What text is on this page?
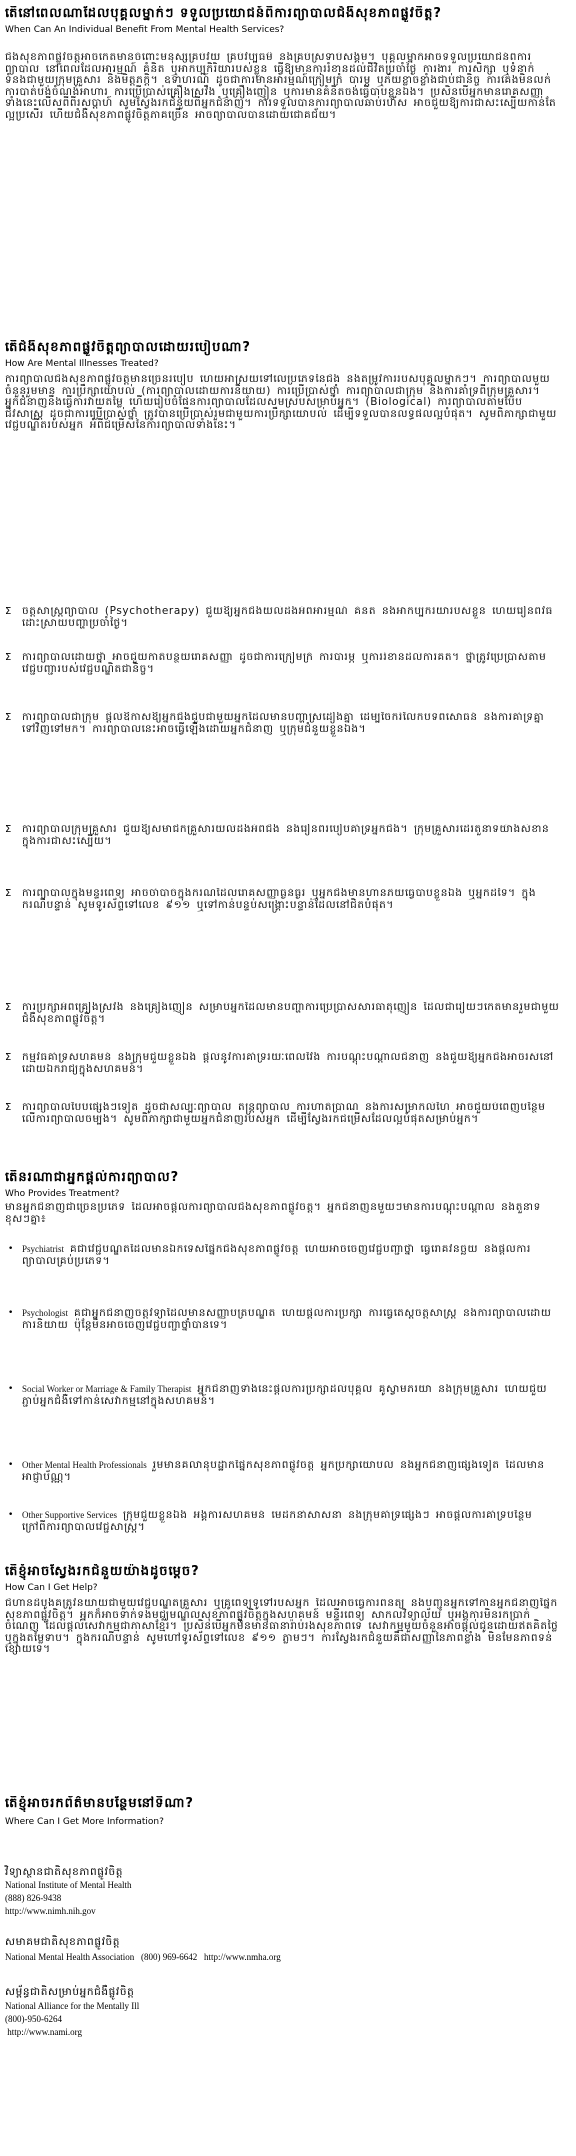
តើនៅពេលណាដែលបុគ្គលម្នាក់ៗ ទទួលប្រយោជន៍ពីការព្យាបាលជំងឺសុខភាពផ្លូវចិត្ត?
When Can An Individual Benefit From Mental Health Services?
ជំងឺសុខភាពផ្លូវចិត្តអាចកើតមានចំពោះមនុស្សគ្រប់វ័យ គ្រប់វប្បធម៌ និងគ្រប់ស្រទាប់សង្គម។ បុគ្គលម្នាក់អាចទទួលប្រយោជន៍ពីការព្យាបាល នៅពេលដែលអារម្មណ៍ គំនិត ឬអាកប្បកិរិយារបស់ខ្លួន ធ្វើឱ្យមានការរំខានដល់ជីវិតប្រចាំថ្ងៃ ការងារ ការសិក្សា ឬទំនាក់ទំនងជាមួយក្រុមគ្រួសារ និងមិត្តភក្តិ។ ឧទាហរណ៍ ដូចជាការមានអារម្មណ៍ក្រៀមក្រំ បារម្ភ ឬភ័យខ្លាចខ្លាំងជាប់ជានិច្ច ការគេងមិនលក់ ការបាត់បង់ចំណង់អាហារ ការប្រើប្រាស់គ្រឿងស្រវឹង ឬគ្រឿងញៀន ឬការមានគំនិតចង់ធ្វើបាបខ្លួនឯង។ ប្រសិនបើអ្នកមានរោគសញ្ញាទាំងនេះលើសពីពីរសប្តាហ៍ សូមស្វែងរកជំនួយពីអ្នកជំនាញ។ ការទទួលបានការព្យាបាលឆាប់រហ័ស អាចជួយឱ្យការជាសះស្បើយកាន់តែល្អប្រសើរ ហើយជំងឺសុខភាពផ្លូវចិត្តភាគច្រើន អាចព្យាបាលបានដោយជោគជ័យ។
តើជំងឺសុខភាពផ្លូវចិត្តព្យាបាលដោយរបៀបណា?
How Are Mental Illnesses Treated?
ការព្យាបាលជំងឺសុខភាពផ្លូវចិត្តមានច្រើនរបៀប ហើយអាស្រ័យទៅលើប្រភេទនៃជំងឺ និងតម្រូវការរបស់បុគ្គលម្នាក់ៗ។ ការព្យាបាលមួយចំនួនរួមមាន ការប្រឹក្សាយោបល់ (ការព្យាបាលដោយការនិយាយ) ការប្រើប្រាស់ថ្នាំ ការព្យាបាលជាក្រុម និងការគាំទ្រពីក្រុមគ្រួសារ។ អ្នកជំនាញនឹងធ្វើការវាយតម្លៃ ហើយរៀបចំផែនការព្យាបាលដែលសមស្របសម្រាប់អ្នក។ (Biological) ការព្យាបាលតាមបែបជីវសាស្ត្រ ដូចជាការប្រើប្រាស់ថ្នាំ ត្រូវបានប្រើប្រាស់រួមជាមួយការប្រឹក្សាយោបល់ ដើម្បីទទួលបានលទ្ធផលល្អបំផុត។ សូមពិភាក្សាជាមួយវេជ្ជបណ្ឌិតរបស់អ្នក អំពីជម្រើសនៃការព្យាបាលទាំងនេះ។
Σ ចិត្តសាស្ត្រព្យាបាល (Psychotherapy) ជួយឱ្យអ្នកជំងឺយល់ដឹងអំពីអារម្មណ៍ គំនិត និងអាកប្បកិរិយារបស់ខ្លួន ហើយរៀនពីវិធីដោះស្រាយបញ្ហាប្រចាំថ្ងៃ។
Σ ការព្យាបាលដោយថ្នាំ អាចជួយកាត់បន្ថយរោគសញ្ញា ដូចជាការក្រៀមក្រំ ការបារម្ភ ឬការរំខានដល់ការគិត។ ថ្នាំត្រូវប្រើប្រាស់តាមវេជ្ជបញ្ជារបស់វេជ្ជបណ្ឌិតជានិច្ច។
Σ ការព្យាបាលជាក្រុម ផ្តល់ឱកាសឱ្យអ្នកជំងឺជួបជាមួយអ្នកដែលមានបញ្ហាស្រដៀងគ្នា ដើម្បីចែករំលែកបទពិសោធន៍ និងការគាំទ្រគ្នាទៅវិញទៅមក។ ការព្យាបាលនេះអាចធ្វើឡើងដោយអ្នកជំនាញ ឬក្រុមជំនួយខ្លួនឯង។
Σ ការព្យាបាលក្រុមគ្រួសារ ជួយឱ្យសមាជិកគ្រួសារយល់ដឹងអំពីជំងឺ និងរៀនពីរបៀបគាំទ្រអ្នកជំងឺ។ ក្រុមគ្រួសារដើរតួនាទីយ៉ាងសំខាន់ក្នុងការជាសះស្បើយ។
Σ ការព្យាបាលក្នុងមន្ទីរពេទ្យ អាចចាំបាច់ក្នុងករណីដែលរោគសញ្ញាធ្ងន់ធ្ងរ ឬអ្នកជំងឺមានហានិភ័យធ្វើបាបខ្លួនឯង ឬអ្នកដទៃ។ ក្នុងករណីបន្ទាន់ សូមទូរស័ព្ទទៅលេខ ៩១១ ឬទៅកាន់បន្ទប់សង្គ្រោះបន្ទាន់ដែលនៅជិតបំផុត។
Σ ការប្រឹក្សាអំពីគ្រឿងស្រវឹង និងគ្រឿងញៀន សម្រាប់អ្នកដែលមានបញ្ហាការប្រើប្រាស់សារធាតុញៀន ដែលជារឿយៗកើតមានរួមជាមួយជំងឺសុខភាពផ្លូវចិត្ត។
Σ កម្មវិធីគាំទ្រសហគមន៍ និងក្រុមជួយខ្លួនឯង ផ្តល់នូវការគាំទ្ររយៈពេលវែង ការបណ្តុះបណ្តាលជំនាញ និងជួយឱ្យអ្នកជំងឺអាចរស់នៅដោយឯករាជ្យក្នុងសហគមន៍។
Σ ការព្យាបាលបែបផ្សេងៗទៀត ដូចជាសិល្បៈព្យាបាល តន្ត្រីព្យាបាល ការហាត់ប្រាណ និងការសម្រាកលំហែ អាចជួយបំពេញបន្ថែមលើការព្យាបាលចម្បង។ សូមពិភាក្សាជាមួយអ្នកជំនាញរបស់អ្នក ដើម្បីស្វែងរកជម្រើសដែលល្អបំផុតសម្រាប់អ្នក។
តើនរណាជាអ្នកផ្តល់ការព្យាបាល?
Who Provides Treatment?
មានអ្នកជំនាញជាច្រើនប្រភេទ ដែលអាចផ្តល់ការព្យាបាលជំងឺសុខភាពផ្លូវចិត្ត។ អ្នកជំនាញនីមួយៗមានការបណ្តុះបណ្តាល និងតួនាទីខុសៗគ្នា៖
• Psychiatrist គឺជាវេជ្ជបណ្ឌិតដែលមានឯកទេសផ្នែកជំងឺសុខភាពផ្លូវចិត្ត ហើយអាចចេញវេជ្ជបញ្ជាថ្នាំ ធ្វើរោគវិនិច្ឆ័យ និងផ្តល់ការព្យាបាលគ្រប់ប្រភេទ។
• Psychologist គឺជាអ្នកជំនាញចិត្តវិទ្យាដែលមានសញ្ញាបត្របណ្ឌិត ហើយផ្តល់ការប្រឹក្សា ការធ្វើតេស្តចិត្តសាស្ត្រ និងការព្យាបាលដោយការនិយាយ ប៉ុន្តែមិនអាចចេញវេជ្ជបញ្ជាថ្នាំបានទេ។
• Social Worker or Marriage & Family Therapist អ្នកជំនាញទាំងនេះផ្តល់ការប្រឹក្សាដល់បុគ្គល គូស្វាមីភរិយា និងក្រុមគ្រួសារ ហើយជួយភ្ជាប់អ្នកជំងឺទៅកាន់សេវាកម្មនៅក្នុងសហគមន៍។
• Other Mental Health Professionals រួមមានគិលានុបដ្ឋាកផ្នែកសុខភាពផ្លូវចិត្ត អ្នកប្រឹក្សាយោបល់ និងអ្នកជំនាញផ្សេងទៀត ដែលមានអាជ្ញាប័ណ្ណ។
• Other Supportive Services ក្រុមជួយខ្លួនឯង អង្គការសហគមន៍ មេដឹកនាំសាសនា និងក្រុមគាំទ្រផ្សេងៗ អាចផ្តល់ការគាំទ្របន្ថែម ក្រៅពីការព្យាបាលវេជ្ជសាស្ត្រ។
តើខ្ញុំអាចស្វែងរកជំនួយយ៉ាងដូចម្តេច?
How Can I Get Help?
ជំហានដំបូងគឺត្រូវនិយាយជាមួយវេជ្ជបណ្ឌិតគ្រួសារ ឬគ្រូពេទ្យទូទៅរបស់អ្នក ដែលអាចធ្វើការពិនិត្យ និងបញ្ជូនអ្នកទៅកាន់អ្នកជំនាញផ្នែកសុខភាពផ្លូវចិត្ត។ អ្នកក៏អាចទាក់ទងមជ្ឈមណ្ឌលសុខភាពផ្លូវចិត្តក្នុងសហគមន៍ មន្ទីរពេទ្យ សាកលវិទ្យាល័យ ឬអង្គការមិនរកប្រាក់ចំណេញ ដែលផ្តល់សេវាកម្មជាភាសាខ្មែរ។ ប្រសិនបើអ្នកមិនមានធានារ៉ាប់រងសុខភាពទេ សេវាកម្មមួយចំនួនអាចផ្តល់ជូនដោយឥតគិតថ្លៃ ឬក្នុងតម្លៃទាប។ ក្នុងករណីបន្ទាន់ សូមហៅទូរស័ព្ទទៅលេខ ៩១១ ភ្លាមៗ។ ការស្វែងរកជំនួយគឺជាសញ្ញានៃភាពខ្លាំង មិនមែនភាពទន់ខ្សោយទេ។
តើខ្ញុំអាចរកព័ត៌មានបន្ថែមនៅទីណា?
Where Can I Get More Information?
វិទ្យាស្ថានជាតិសុខភាពផ្លូវចិត្ត
National Institute of Mental Health
(888) 826-9438
http://www.nimh.nih.gov
សមាគមជាតិសុខភាពផ្លូវចិត្ត
National Mental Health Association   (800) 969-6642   http://www.nmha.org
សម្ព័ន្ធជាតិសម្រាប់អ្នកជំងឺផ្លូវចិត្ត
National Alliance for the Mentally Ill
(800)-950-6264
http://www.nami.org
